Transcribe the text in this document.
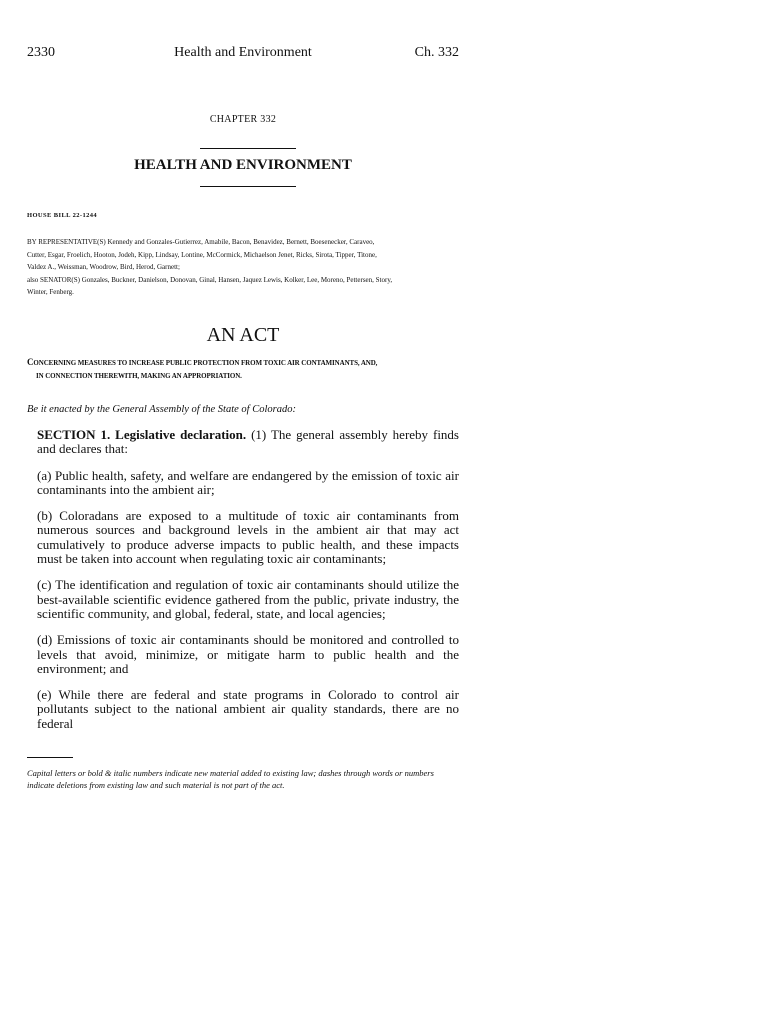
2330	Health and Environment	Ch. 332
CHAPTER 332
HEALTH AND ENVIRONMENT
HOUSE BILL 22-1244

BY REPRESENTATIVE(S) Kennedy and Gonzales-Gutierrez, Amabile, Bacon, Benavidez, Bernett, Boesenecker, Caraveo,

Cutter, Esgar, Froelich, Hooton, Jodeh, Kipp, Lindsay, Lontine, McCormick, Michaelson Jenet, Ricks, Sirota, Tipper, Titone,

Valdez A., Weissman, Woodrow, Bird, Herod, Garnett;

also SENATOR(S) Gonzales, Buckner, Danielson, Donovan, Ginal, Hansen, Jaquez Lewis, Kolker, Lee, Moreno, Pettersen, Story,

Winter, Fenberg.

AN ACT
CONCERNING MEASURES TO INCREASE PUBLIC PROTECTION FROM TOXIC AIR CONTAMINANTS, AND,
IN CONNECTION THEREWITH, MAKING AN APPROPRIATION.
Be it enacted by the General Assembly of the State of Colorado:

SECTION 1. Legislative declaration. (1) The general assembly hereby finds and declares that:

(a) Public health, safety, and welfare are endangered by the emission of toxic air contaminants into the ambient air;

(b) Coloradans are exposed to a multitude of toxic air contaminants from numerous sources and background levels in the ambient air that may act cumulatively to produce adverse impacts to public health, and these impacts must be taken into account when regulating toxic air contaminants;

(c) The identification and regulation of toxic air contaminants should utilize the best-available scientific evidence gathered from the public, private industry, the scientific community, and global, federal, state, and local agencies;

(d) Emissions of toxic air contaminants should be monitored and controlled to levels that avoid, minimize, or mitigate harm to public health and the environment; and

(e) While there are federal and state programs in Colorado to control air pollutants subject to the national ambient air quality standards, there are no federal

Capital letters or bold & italic numbers indicate new material added to existing law; dashes through words or numbers indicate deletions from existing law and such material is not part of the act.
